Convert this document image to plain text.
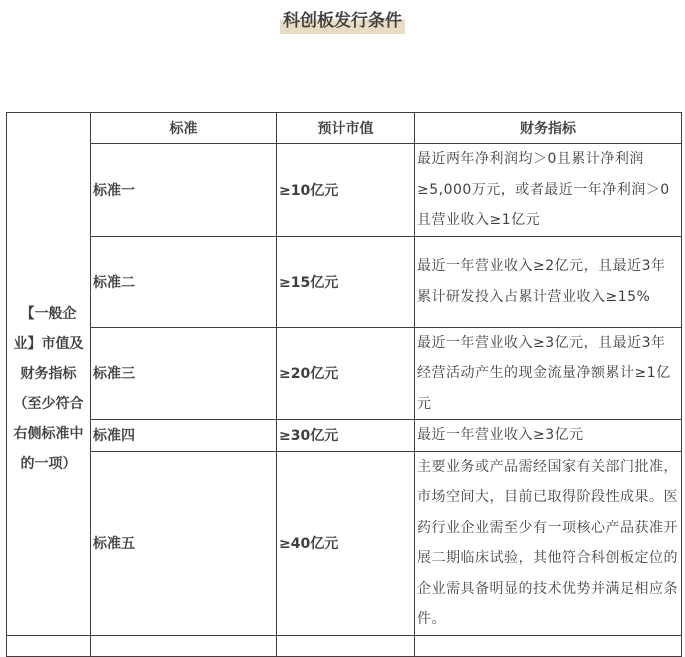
科创板发行条件
	标准	预计市值	财务指标
【一般企业】市值及财务指标（至少符合右侧标准中的一项）	标准一	≥10亿元	最近两年净利润均＞0且累计净利润≥5,000万元，或者最近一年净利润＞0且营业收入≥1亿元
	标准二	≥15亿元	最近一年营业收入≥2亿元，且最近3年累计研发投入占累计营业收入≥15%
	标准三	≥20亿元	最近一年营业收入≥3亿元，且最近3年经营活动产生的现金流量净额累计≥1亿元
	标准四	≥30亿元	最近一年营业收入≥3亿元
	标准五	≥40亿元	主要业务或产品需经国家有关部门批准，市场空间大，目前已取得阶段性成果。医药行业企业需至少有一项核心产品获准开展二期临床试验，其他符合科创板定位的企业需具备明显的技术优势并满足相应条件。
